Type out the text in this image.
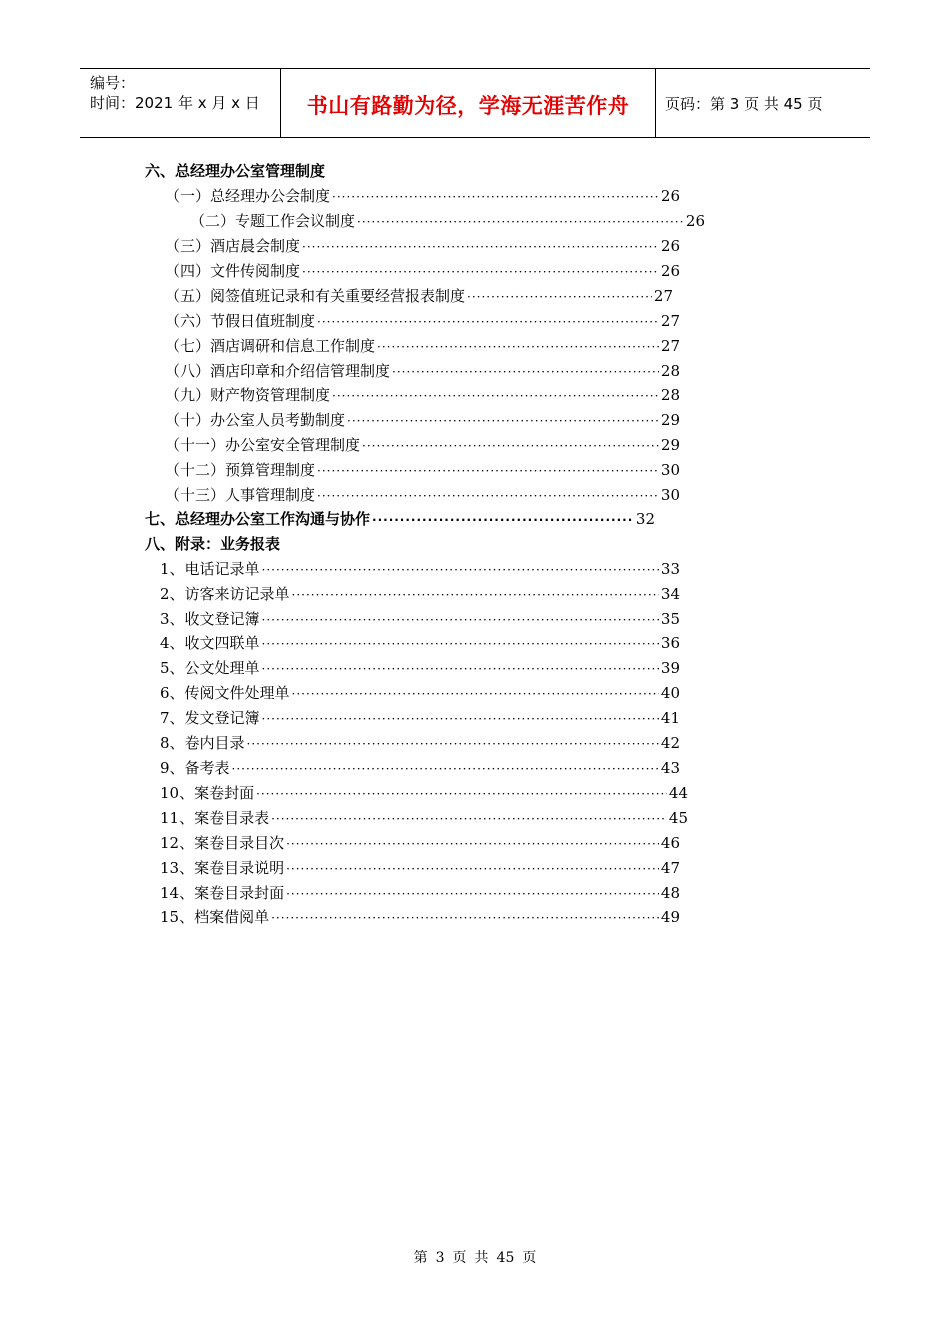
编号：
时间：2021 年 x 月 x 日	书山有路勤为径，学海无涯苦作舟	页码：第 3 页 共 45 页
六、总经理办公室管理制度
（一）总经理办公会制度 ·····	26
（二）专题工作会议制度 ·····	26
（三）酒店晨会制度 ·····	26
（四）文件传阅制度 ·····	26
（五）阅签值班记录和有关重要经营报表制度 ·····	27
（六）节假日值班制度 ·····	27
（七）酒店调研和信息工作制度 ·····	27
（八）酒店印章和介绍信管理制度 ·····	28
（九）财产物资管理制度 ·····	28
（十）办公室人员考勤制度 ·····	29
（十一）办公室安全管理制度 ·····	29
（十二）预算管理制度 ·····	30
（十三）人事管理制度 ·····	30
七、总经理办公室工作沟通与协作 ·····	32
八、附录：业务报表
1、电话记录单 ·····	33
2、访客来访记录单 ·····	34
3、收文登记簿 ·····	35
4、收文四联单 ·····	36
5、公文处理单 ·····	39
6、传阅文件处理单 ·····	40
7、发文登记簿 ·····	41
8、卷内目录 ·····	42
9、备考表 ·····	43
10、案卷封面 ·····	44
11、案卷目录表 ·····	45
12、案卷目录目次 ·····	46
13、案卷目录说明 ·····	47
14、案卷目录封面 ·····	48
15、档案借阅单 ·····	49
第 3 页 共 45 页
